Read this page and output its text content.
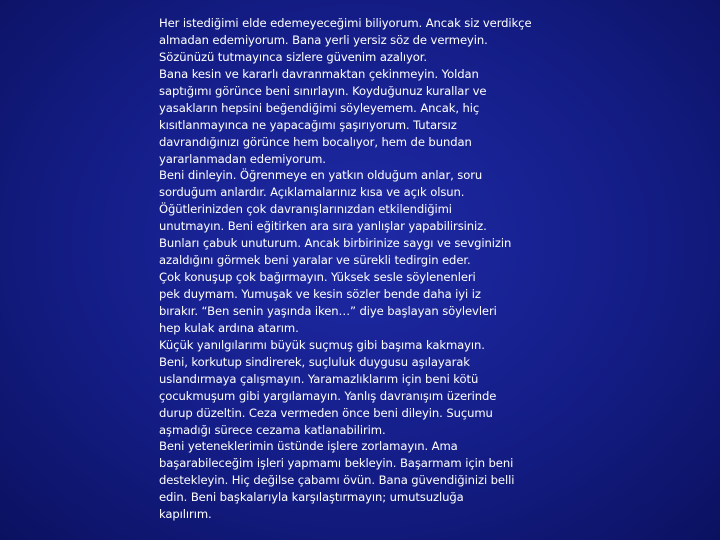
Her istediğimi elde edemeyeceğimi biliyorum. Ancak siz verdikçe
almadan edemiyorum. Bana yerli yersiz söz de vermeyin.
Sözünüzü tutmayınca sizlere güvenim azalıyor.
Bana kesin ve kararlı davranmaktan çekinmeyin. Yoldan
saptığımı görünce beni sınırlayın. Koyduğunuz kurallar ve
yasakların hepsini beğendiğimi söyleyemem. Ancak, hiç
kısıtlanmayınca ne yapacağımı şaşırıyorum. Tutarsız
davrandığınızı görünce hem bocalıyor, hem de bundan
yararlanmadan edemiyorum.
Beni dinleyin. Öğrenmeye en yatkın olduğum anlar, soru
sorduğum anlardır. Açıklamalarınız kısa ve açık olsun.
Öğütlerinizden çok davranışlarınızdan etkilendiğimi
unutmayın. Beni eğitirken ara sıra yanlışlar yapabilirsiniz.
Bunları çabuk unuturum. Ancak birbirinize saygı ve sevginizin
azaldığını görmek beni yaralar ve sürekli tedirgin eder.
Çok konuşup çok bağırmayın. Yüksek sesle söylenenleri
pek duymam. Yumuşak ve kesin sözler bende daha iyi iz
bırakır. “Ben senin yaşında iken…” diye başlayan söylevleri
hep kulak ardına atarım.
Küçük yanılgılarımı büyük suçmuş gibi başıma kakmayın.
Beni, korkutup sindirerek, suçluluk duygusu aşılayarak
uslandırmaya çalışmayın. Yaramazlıklarım için beni kötü
çocukmuşum gibi yargılamayın. Yanlış davranışım üzerinde
durup düzeltin. Ceza vermeden önce beni dileyin. Suçumu
aşmadığı sürece cezama katlanabilirim.
Beni yeteneklerimin üstünde işlere zorlamayın. Ama
başarabileceğim işleri yapmamı bekleyin. Başarmam için beni
destekleyin. Hiç değilse çabamı övün. Bana güvendiğinizi belli
edin. Beni başkalarıyla karşılaştırmayın; umutsuzluğa
kapılırım.
